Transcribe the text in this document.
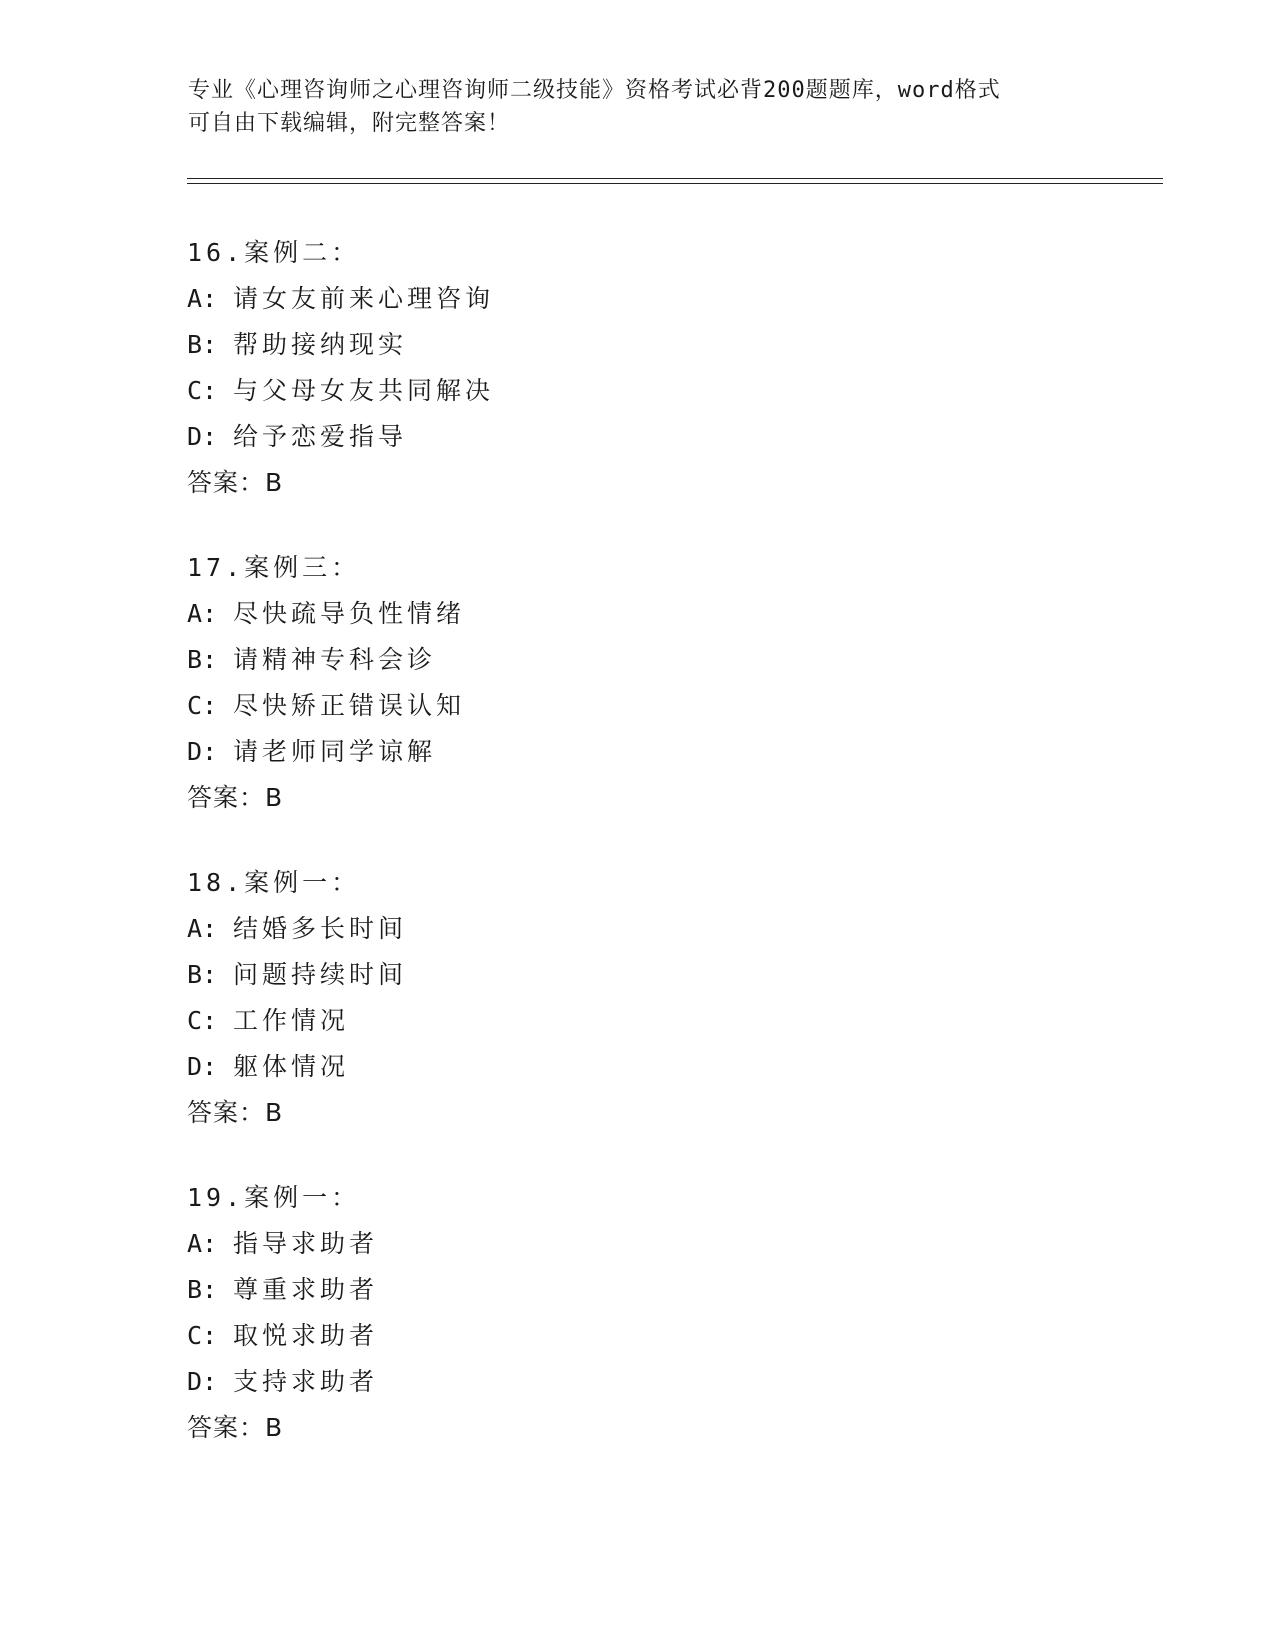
专业《心理咨询师之心理咨询师二级技能》资格考试必背200题题库，word格式
可自由下载编辑，附完整答案！
16.案例二：
A: 请女友前来心理咨询
B: 帮助接纳现实
C: 与父母女友共同解决
D: 给予恋爱指导
答案：B
17.案例三：
A: 尽快疏导负性情绪
B: 请精神专科会诊
C: 尽快矫正错误认知
D: 请老师同学谅解
答案：B
18.案例一：
A: 结婚多长时间
B: 问题持续时间
C: 工作情况
D: 躯体情况
答案：B
19.案例一：
A: 指导求助者
B: 尊重求助者
C: 取悦求助者
D: 支持求助者
答案：B
